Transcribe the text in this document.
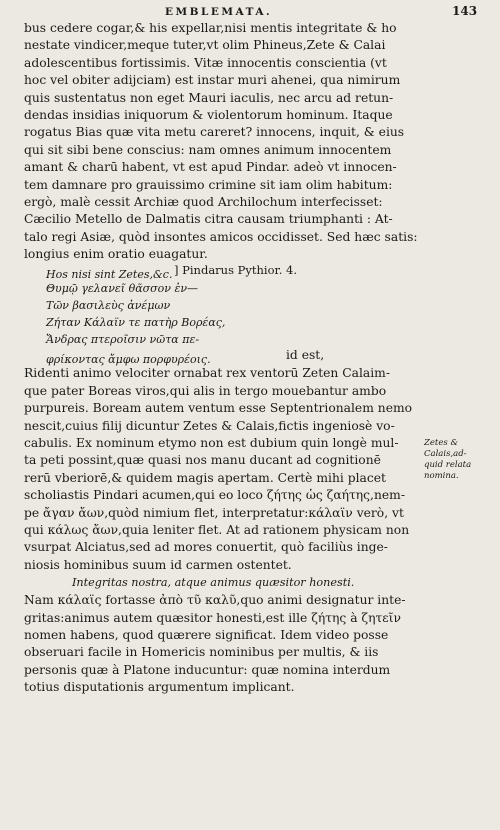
EMBLEMATA.	143
bus cedere cogar,& his expellar,nisi mentis integritate & ho
nestate vindicer,meque tuter,vt olim Phineus,Zete & Calai
adolescentibus fortissimis. Vitæ innocentis conscientia (vt
hoc vel obiter adijciam) est instar muri ahenei, qua nimirum
quis sustentatus non eget Mauri iaculis, nec arcu ad retun-
dendas insidias iniquorum & violentorum hominum. Itaque
rogatus Bias quæ vita metu careret? innocens, inquit, & eius
qui sit sibi bene conscius: nam omnes animum innocentem
amant & charū habent, vt est apud Pindar. adeò vt innocen-
tem damnare pro grauissimo crimine sit iam olim habitum:
ergò, malè cessit Archiæ quod Archilochum interfecisset:
Cæcilio Metello de Dalmatis citra causam triumphanti : At-
talo regi Asiæ, quòd insontes amicos occidisset. Sed hæc satis:
longius enim oratio euagatur.
Hos nisi sint Zetes,&c. ] Pindarus Pythior. 4.
Θυμῷ γελανεῖ θᾶσσον ἐν—
Τῶν βασιλεὺς ἀνέμων
Ζήταν Κάλαϊν τε πατὴρ Βορέας,
Ἄνδρας πτεροῖσιν νῶτα πε-
φρίκοντας ἄμφω πορφυρέοις.	id est,
Ridenti animo velociter ornabat rex ventorū Zeten Calaim-
que pater Boreas viros,qui alis in tergo mouebantur ambo
purpureis. Boream autem ventum esse Septentrionalem nemo
nescit,cuius filij dicuntur Zetes & Calais,fictis ingeniosè vo-
cabulis. Ex nominum etymo non est dubium quin longè mul-
ta peti possint,quæ quasi nos manu ducant ad cognitionē
rerū vberiorē,& quidem magis apertam. Certè mihi placet
scholiastis Pindari acumen,qui eo loco ζήτης ὡς ζαήτης,nem-
pe ἄγαν ἄων,quòd nimium flet, interpretatur:κάλαϊν verò, vt
qui κάλως ἄων,quia leniter flet. At ad rationem physicam non
vsurpat Alciatus,sed ad mores conuertit, quò faciliùs inge-
niosis hominibus suum id carmen ostentet.
Integritas nostra, atque animus quæsitor honesti.
Nam κάλαϊς fortasse ἀπὸ τῦ καλῦ,quo animi designatur inte-
gritas:animus autem quæsitor honesti,est ille ζήτης à ζητεῖν
nomen habens, quod quærere significat. Idem video posse
obseruari facile in Homericis nominibus per multis, & iis
personis quæ à Platone inducuntur: quæ nomina interdum
totius disputationis argumentum implicant.
Zetes &
Calais,ad-
quid relata
nomina.
